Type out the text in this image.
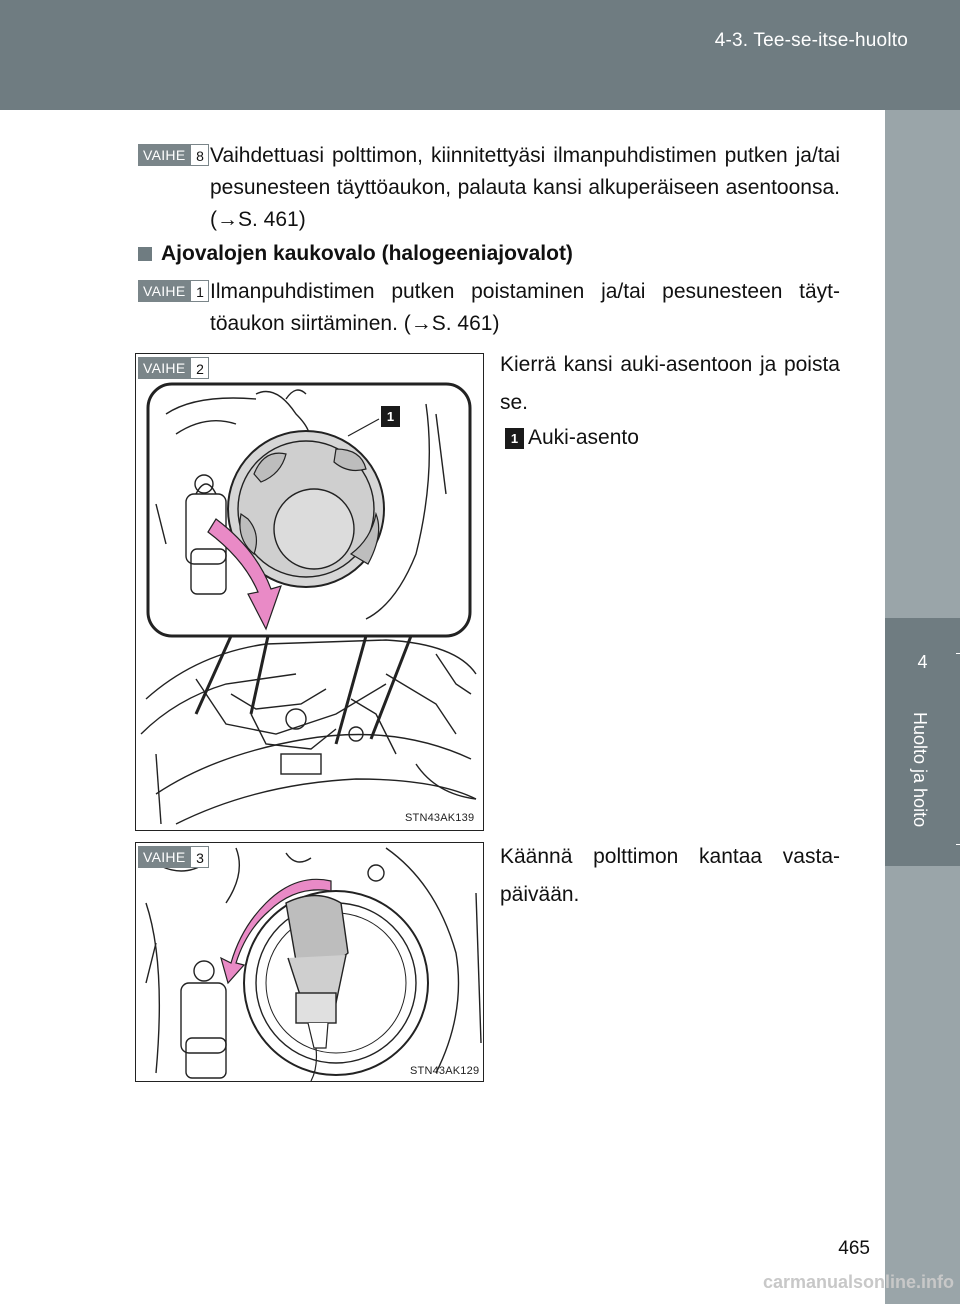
4-3. Tee-se-itse-huolto
4
Huolto ja hoito
VAIHE 8 Vaihdettuasi polttimon, kiinnitettyäsi ilmanpuhdistimen putken ja/tai pesunesteen täyttöaukon, palauta kansi alkuperäiseen asentoonsa. (→S. 461)
Ajovalojen kaukovalo (halogeeniajovalot)
VAIHE 1 Ilmanpuhdistimen putken poistaminen ja/tai pesunesteen täyt-töaukon siirtäminen. (→S. 461)
1
STN43AK139
VAIHE 2	Kierrä kansi auki-asentoon ja poista se.
1 Auki-asento
STN43AK129
VAIHE 3	Käännä polttimon kantaa vasta-päivään.
465
carmanualsonline.info
